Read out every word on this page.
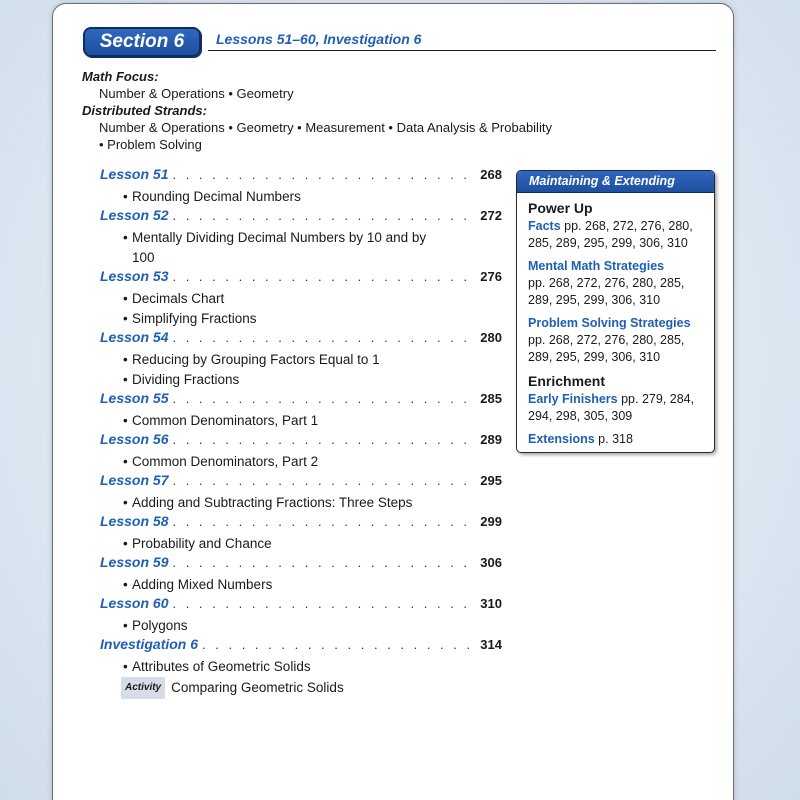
Section 6	Lessons 51–60, Investigation 6
Math Focus:
Number & Operations • Geometry
Distributed Strands:
Number & Operations • Geometry • Measurement • Data Analysis & Probability
• Problem Solving
Lesson 51 . . .	268
• Rounding Decimal Numbers
Lesson 52 . . .	272
• Mentally Dividing Decimal Numbers by 10 and by 100
Lesson 53 . . .	276
• Decimals Chart
• Simplifying Fractions
Lesson 54 . . .	280
• Reducing by Grouping Factors Equal to 1
• Dividing Fractions
Lesson 55 . . .	285
• Common Denominators, Part 1
Lesson 56 . . .	289
• Common Denominators, Part 2
Lesson 57 . . .	295
• Adding and Subtracting Fractions: Three Steps
Lesson 58 . . .	299
• Probability and Chance
Lesson 59 . . .	306
• Adding Mixed Numbers
Lesson 60 . . .	310
• Polygons
Investigation 6 . . .	314
• Attributes of Geometric Solids
Activity Comparing Geometric Solids
Maintaining & Extending
Power Up
Facts pp. 268, 272, 276, 280, 285, 289, 295, 299, 306, 310
Mental Math Strategies
pp. 268, 272, 276, 280, 285, 289, 295, 299, 306, 310
Problem Solving Strategies
pp. 268, 272, 276, 280, 285, 289, 295, 299, 306, 310
Enrichment
Early Finishers pp. 279, 284, 294, 298, 305, 309
Extensions p. 318
